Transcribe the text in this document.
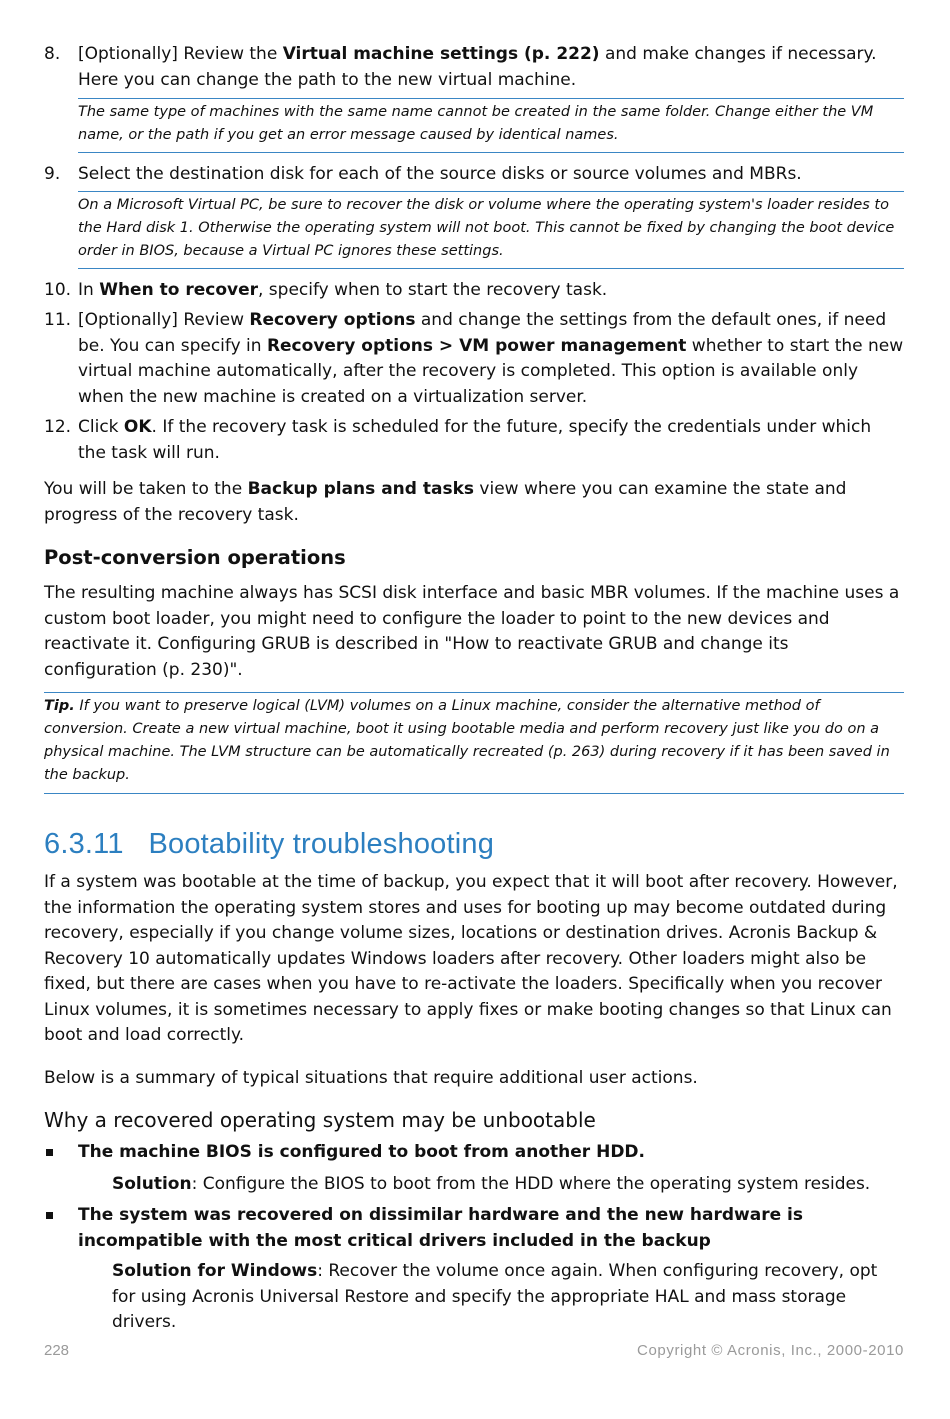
8. [Optionally] Review the Virtual machine settings (p. 222) and make changes if necessary. Here you can change the path to the new virtual machine.

The same type of machines with the same name cannot be created in the same folder. Change either the VM name, or the path if you get an error message caused by identical names.

9. Select the destination disk for each of the source disks or source volumes and MBRs.

On a Microsoft Virtual PC, be sure to recover the disk or volume where the operating system's loader resides to the Hard disk 1. Otherwise the operating system will not boot. This cannot be fixed by changing the boot device order in BIOS, because a Virtual PC ignores these settings.

10. In When to recover, specify when to start the recovery task.

11. [Optionally] Review Recovery options and change the settings from the default ones, if need be. You can specify in Recovery options > VM power management whether to start the new virtual machine automatically, after the recovery is completed. This option is available only when the new machine is created on a virtualization server.

12. Click OK. If the recovery task is scheduled for the future, specify the credentials under which the task will run.

You will be taken to the Backup plans and tasks view where you can examine the state and progress of the recovery task.

Post-conversion operations

The resulting machine always has SCSI disk interface and basic MBR volumes. If the machine uses a custom boot loader, you might need to configure the loader to point to the new devices and reactivate it. Configuring GRUB is described in "How to reactivate GRUB and change its configuration (p. 230)".

Tip. If you want to preserve logical (LVM) volumes on a Linux machine, consider the alternative method of conversion. Create a new virtual machine, boot it using bootable media and perform recovery just like you do on a physical machine. The LVM structure can be automatically recreated (p. 263) during recovery if it has been saved in the backup.

6.3.11 Bootability troubleshooting

If a system was bootable at the time of backup, you expect that it will boot after recovery. However, the information the operating system stores and uses for booting up may become outdated during recovery, especially if you change volume sizes, locations or destination drives. Acronis Backup & Recovery 10 automatically updates Windows loaders after recovery. Other loaders might also be fixed, but there are cases when you have to re-activate the loaders. Specifically when you recover Linux volumes, it is sometimes necessary to apply fixes or make booting changes so that Linux can boot and load correctly.

Below is a summary of typical situations that require additional user actions.

Why a recovered operating system may be unbootable

The machine BIOS is configured to boot from another HDD.

Solution: Configure the BIOS to boot from the HDD where the operating system resides.

The system was recovered on dissimilar hardware and the new hardware is incompatible with the most critical drivers included in the backup

Solution for Windows: Recover the volume once again. When configuring recovery, opt for using Acronis Universal Restore and specify the appropriate HAL and mass storage drivers.

228	Copyright © Acronis, Inc., 2000-2010
